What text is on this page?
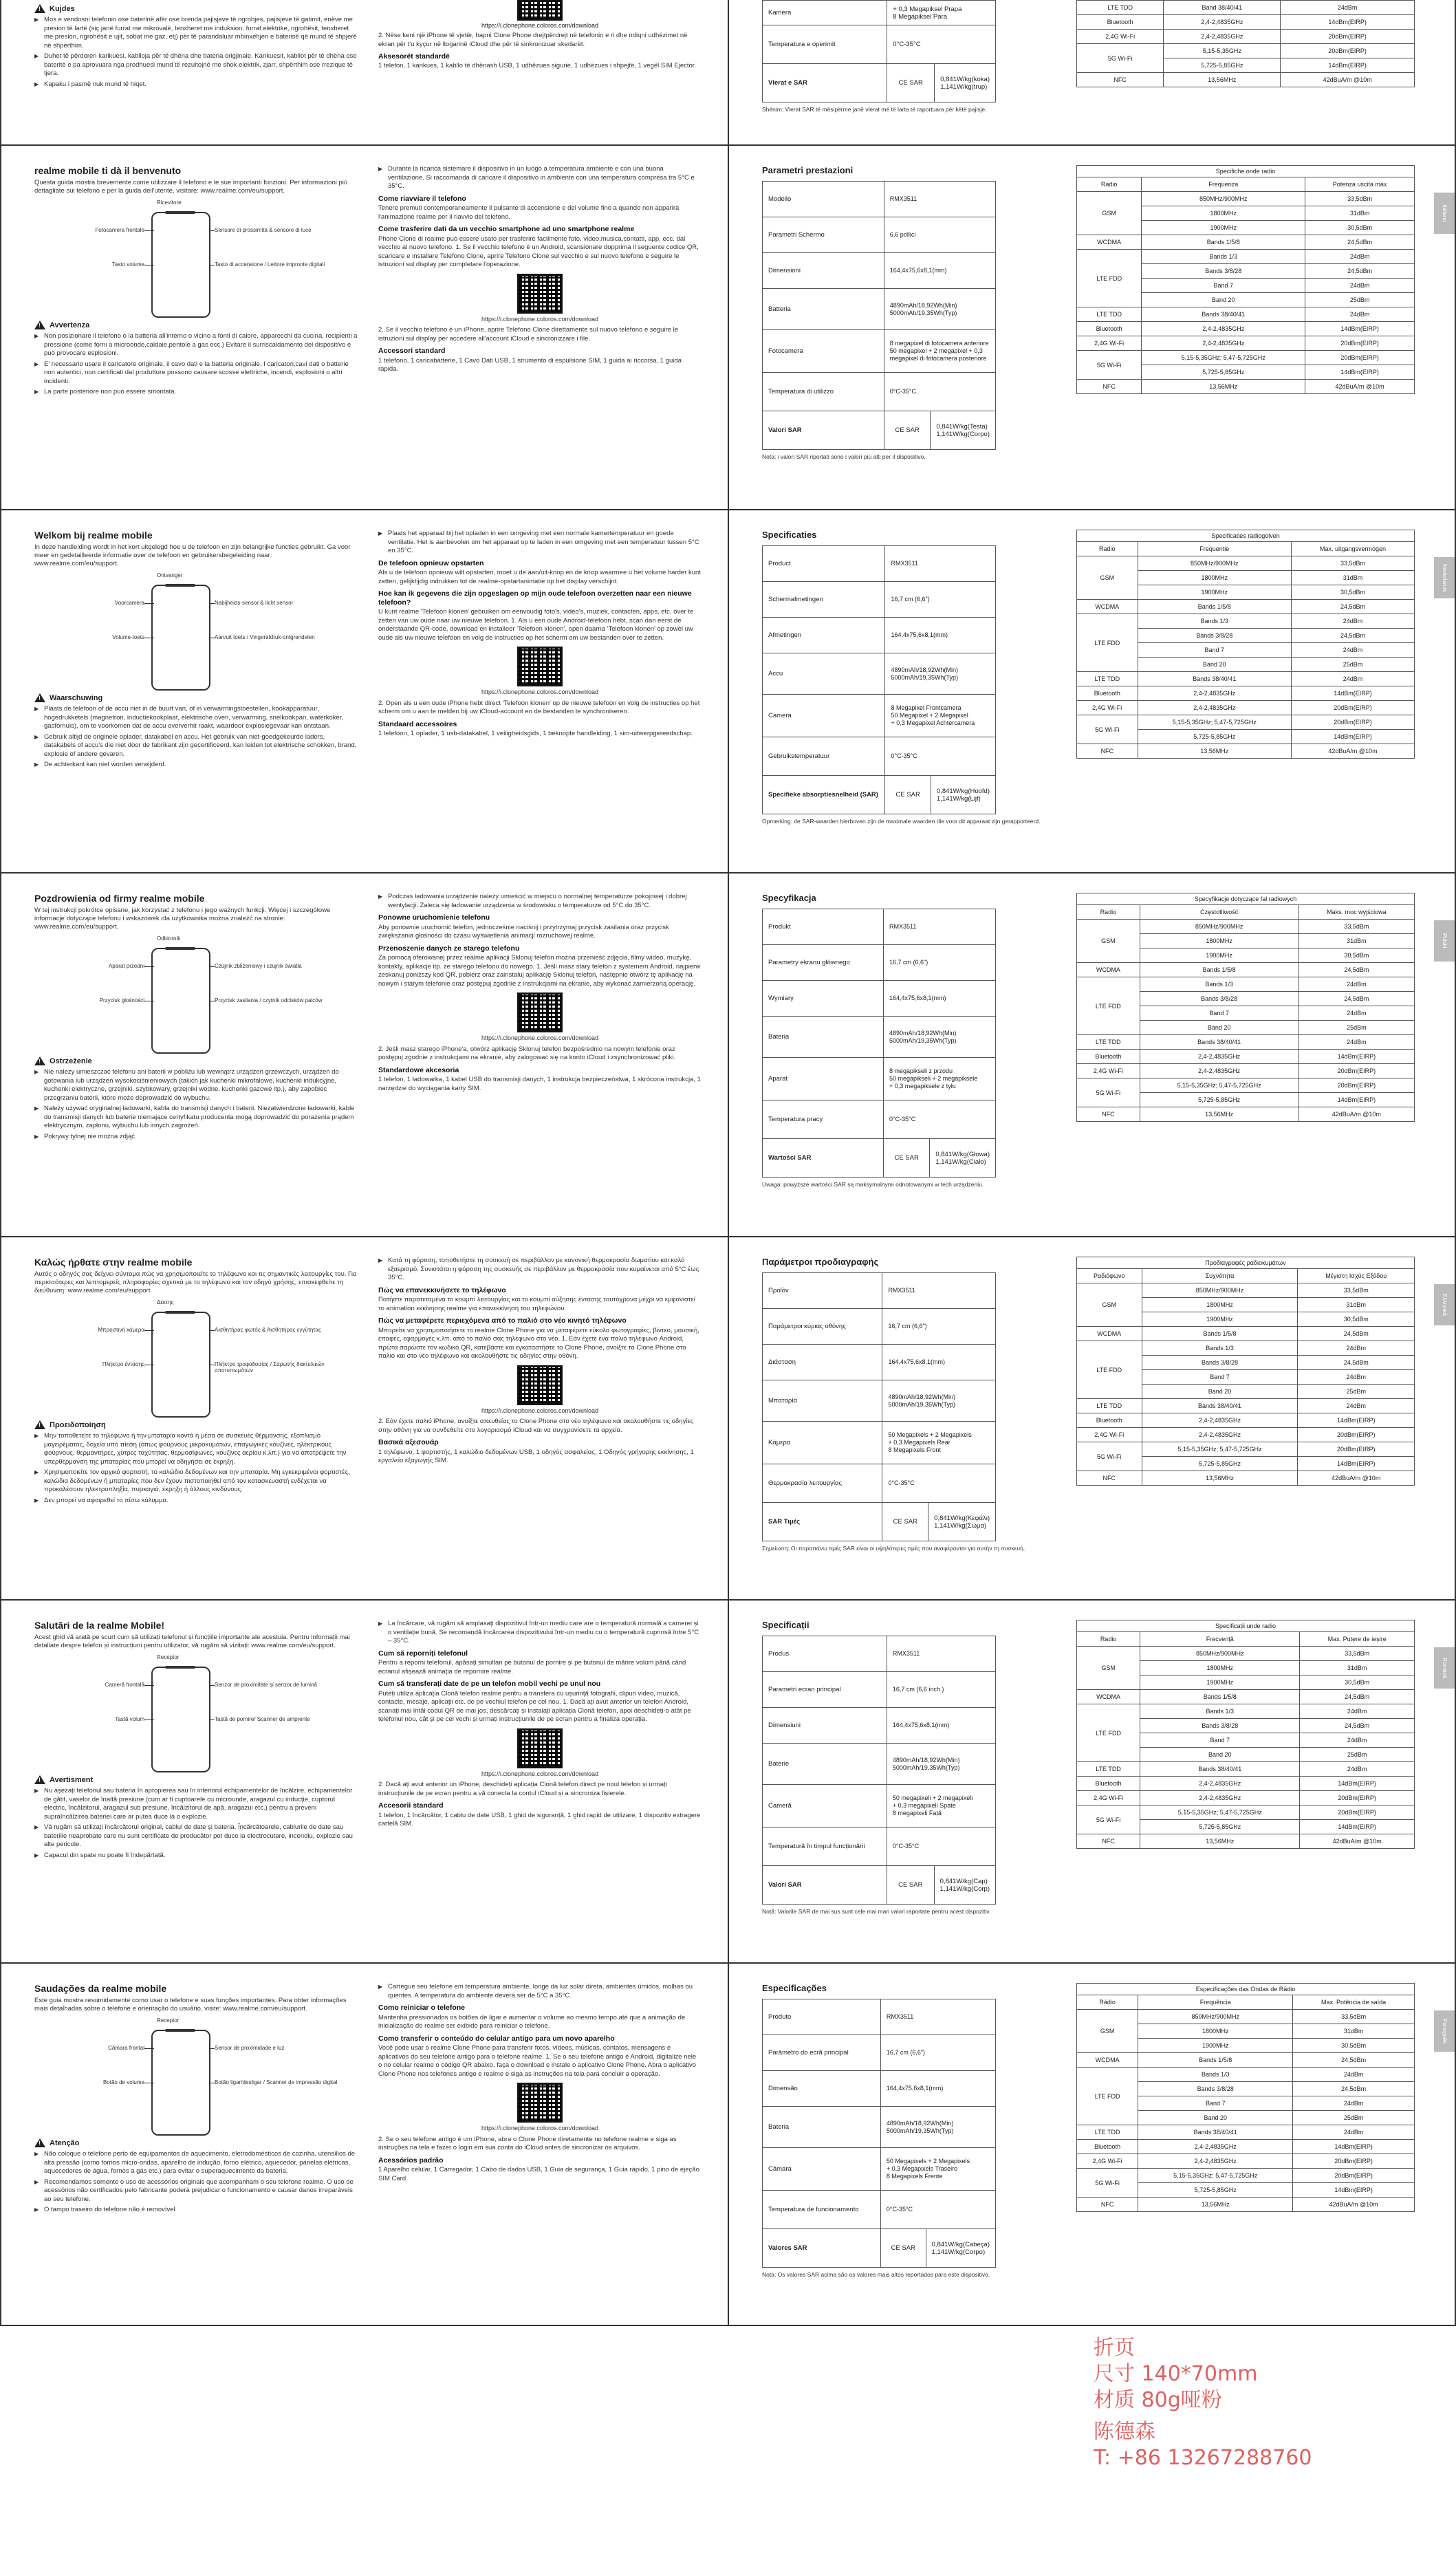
!
Kujdes
▶ Mos e vendosni telefonin ose baterinë afër ose brenda pajisjeve të ngrohjes, pajisjeve të gatimit, enëve me presion të lartë (siç janë furrat me mikrovalë, tenxheret me induksion, furrat elektrike, ngrohësit, tenxheret me presion, ngrohësit e ujit, sobat me gaz, etj) për të parandaluar mbinxehjen e baterisë që mund të shpjerë në shpërthim.
▶ Duhet të përdoren karikuesi, kablloja për të dhëna dhe bateria origjinale. Karikuesit, kabllot për të dhëna ose bateritë e pa aprovuara nga prodhuesi mund të rezultojnë me shok elektrik, zjarr, shpërthim ose rrezique të tjera.
▶ Kapaku i pasmë nuk mund të hiqet.
https://i.clonephone.coloros.com/download
2. Nëse keni një iPhone të vjetër, hapni Clone Phone drejtpërdrejt në telefonin e ri dhe ndiqni udhëzimet në ekran për t'u kyçur në llogarinë iCloud dhe për të sinkronizuar skedarët.
Aksesorët standardë
1 telefon, 1 karikues, 1 kabllo të dhënash USB, 1 udhëzues sigurie, 1 udhëzues i shpejtë, 1 vegël SIM Ejector.
Kamera	+ 0,3 Megapiksel Prapa
8 Megapiksel Para	
Temperatura e operimit	0°C-35°C	
Vlerat e SAR	CE SAR	0,841W/kg(koka)
1,141W/kg(trup)
Shënim: Vlerat SAR të mësipërme janë vlerat më të larta të raportuara për këtë pajisje.
LTE TDD	Band 38/40/41	24dBm
Bluetooth	2,4-2,4835GHz	14dBm(EIRP)
2,4G Wi-Fi	2,4-2,4835GHz	20dBm(EIRP)
5G Wi-Fi	5,15-5,35GHz	20dBm(EIRP)
	5,725-5,85GHz	14dBm(EIRP)
NFC	13,56MHz	42dBuA/m @10m
realme mobile ti dà il benvenuto
Questa guida mostra brevemente come utilizzare il telefono e le sue importanti funzioni. Per informazioni più dettagliate sul telefono e per la guida dell'utente, visitare: www.realme.com/eu/support.
Ricevitore
Fotocamera frontale	Sensore di prossimità & sensore di luce
Tasto volume	Tasto di accensione / Lettore impronte digitali
!
Avvertenza
▶ Non posizionare il telefono o la batteria all'interno o vicino a fonti di calore, apparecchi da cucina, recipienti a pressione (come forni a microonde,caldaie,pentole a gas ecc.) Evitare il surriscaldamento del dispositivo e può provocare esplosioni.
▶ E' necessario usare il caricatore originale, il cavo dati e la batteria originale. I caricatori,cavi dati o batterie non autentici, non certificati dal produttore possono causare scosse elettriche, incendi, esplosioni o altri incidenti.
▶ La parte posteriore non può essere smontata.
▶ Durante la ricarica sistemare il dispositivo in un luogo a temperatura ambiente e con una buona ventilazione. Si raccomanda di caricare il dispositivo in ambiente con una temperatura compresa tra 5°C e 35°C.
Come riavviare il telefono
Tenere premuti contemporaneamente il pulsante di accensione e del volume fino a quando non apparirà l'animazione realme per il riavvio del telefono.
Come trasferire dati da un vecchio smartphone ad uno smartphone realme
Phone Clone di realme può essere usato per trasferire facilmente foto, video,musica,contatti, app, ecc. dal vecchio al nuovo telefono. 1. Se il vecchio telefono è un Android, scansionare dopprima il seguente codice QR, scaricare e installare Telefono Clone, aprire Telefono Clone sul vecchio e sul nuovo telefono e seguire le istruzioni sul display per completare l'operazione.
https://i.clonephone.coloros.com/download
2. Se il vecchio telefono è un iPhone, aprire Telefono Clone direttamente sul nuovo telefono e seguire le istruzioni sul display per accedere all'account iCloud e sincronizzare i file.
Accessori standard
1 telefono, 1 caricabatterie, 1 Cavo Dati USB, 1 strumento di espulsione SIM, 1 guida ai riccorsa, 1 guida rapida.
Parametri prestazioni
Modello	RMX3511	
Parametri Schermo	6,6 pollici	
Dimensioni	164,4x75,6x8,1(mm)	
Batteria	4890mAh/18,92Wh(Min)
5000mAh/19,35Wh(Typ)	
Fotocamera	8 megapixel di fotocamera anteriore
50 megapixel + 2 megapixel + 0,3 megapixel di fotocamera posteriore	
Temperatura di utilizzo	0°C-35°C	
Valori SAR	CE SAR	0,841W/kg(Testa)
1,141W/kg(Corpo)
Nota: i valori SAR riportati sono i valori più alti per il dispositivo.
Specifiche onde radio		
Radio	Frequenza	Potenza uscita max
GSM	850MHz/900MHz	33,5dBm
	1800MHz	31dBm
	1900MHz	30,5dBm
WCDMA	Bands 1/5/8	24,5dBm
LTE FDD	Bands 1/3	24dBm
	Bands 3/8/28	24,5dBm
	Band 7	24dBm
	Band 20	25dBm
LTE TDD	Bands 38/40/41	24dBm
Bluetooth	2,4-2,4835GHz	14dBm(EIRP)
2,4G Wi-Fi	2,4-2,4835GHz	20dBm(EIRP)
5G Wi-Fi	5,15-5,35GHz; 5,47-5,725GHz	20dBm(EIRP)
	5,725-5,85GHz	14dBm(EIRP)
NFC	13,56MHz	42dBuA/m @10m
Italiano
Welkom bij realme mobile
In deze handleiding wordt in het kort uitgelegd hoe u de telefoon en zijn belangrijke functies gebruikt. Ga voor meer en gedetailleerde informatie over de telefoon en gebruikersbegeleiding naar: www.realme.com/eu/support.
Ontvanger
Voorcamera	Nabijheids-sensor & licht sensor
Volume-toets	Aan/uit toets / Vingerafdruk-ontgrendelen
!
Waarschuwing
▶ Plaats de telefoon of de accu niet in de buurt van, of in verwarmingstoestellen, kookapparatuur, hogedrukketels (magnetron, inductiekookplaat, elektrische oven, verwarming, snelkookpan, waterkoker, gasfornuis), om te voorkomen dat de accu oververhit raakt, waardoor explosiegevaar kan ontstaan.
▶ Gebruik altijd de originele oplader, datakabel en accu. Het gebruik van niet-goedgekeurde laders, datakabels of accu's die niet door de fabrikant zijn gecertificeerd, kan leiden tot elektrische schokken, brand, explosie of andere gevaren.
▶ De achterkant kan niet worden verwijderd.
▶ Plaats het apparaat bij het opladen in een omgeving met een normale kamertemperatuur en goede ventilatie. Het is aanbevolen om het apparaat op te laden in een omgeving met een temperatuur tussen 5°C en 35°C.
De telefoon opnieuw opstarten
Als u de telefoon opnieuw wilt opstarten, moet u de aan/uit-knop en de knop waarmee u het volume harder kunt zetten, gelijktijdig indrukken tot de realme-opstartanimatie op het display verschijnt.
Hoe kan ik gegevens die zijn opgeslagen op mijn oude telefoon overzetten naar een nieuwe telefoon?
U kunt realme 'Telefoon klonen' gebruiken om eenvoudig foto's, video's, muziek, contacten, apps, etc. over te zetten van uw oude naar uw nieuwe telefoon. 1. Als u een oude Android-telefoon hebt, scan dan eerst de onderstaande QR-code, download en installeer 'Telefoon klonen', open daarna 'Telefoon klonen' op zowel uw oude als uw nieuwe telefoon en volg de instructies op het scherm om uw bestanden over te zetten.
https://i.clonephone.coloros.com/download
2. Open als u een oude iPhone hebt direct 'Telefoon klonen' op de nieuwe telefoon en volg de instructies op het scherm om u aan te melden bij uw iCloud-account en de bestanden te synchroniseren.
Standaard accessoires
1 telefoon, 1 oplader, 1 usb-datakabel, 1 veiligheidsgids, 1 beknopte handleiding, 1 sim-uitwerpgereedschap.
Specificaties
Product	RMX3511	
Schermafmetingen	16,7 cm (6,6")	
Afmetingen	164,4x75,6x8,1(mm)	
Accu	4890mAh/18,92Wh(Min)
5000mAh/19,35Wh(Typ)	
Camera	8 Megapixel Frontcamera
50 Megapixel + 2 Megapixel
+ 0,3 Megapixel Achtercamera	
Gebruikstemperatuur	0°C-35°C	
Specifieke absorptiesnelheid (SAR)	CE SAR	0,841W/kg(Hoofd)
1,141W/kg(Lijf)
Opmerking: de SAR-waarden hierboven zijn de maximale waarden die voor dit apparaat zijn gerapporteerd.
Specificaties radiogolven		
Radio	Frequentie	Max. uitgangsvermogen
GSM	850MHz/900MHz	33,5dBm
	1800MHz	31dBm
	1900MHz	30,5dBm
WCDMA	Bands 1/5/8	24,5dBm
LTE FDD	Bands 1/3	24dBm
	Bands 3/8/28	24,5dBm
	Band 7	24dBm
	Band 20	25dBm
LTE TDD	Bands 38/40/41	24dBm
Bluetooth	2,4-2,4835GHz	14dBm(EIRP)
2,4G Wi-Fi	2,4-2,4835GHz	20dBm(EIRP)
5G Wi-Fi	5,15-5,35GHz; 5,47-5,725GHz	20dBm(EIRP)
	5,725-5,85GHz	14dBm(EIRP)
NFC	13,56MHz	42dBuA/m @10m
Nederlands
Pozdrowienia od firmy realme mobile
W tej instrukcji pokrótce opisane, jak korzystać z telefonu i jego ważnych funkcji. Więcej i szczegółowe informacje dotyczące telefonu i wskazówek dla użytkownika można znaleźć na stronie: www.realme.com/eu/support.
Odbiornik
Aparat przedni	Czujnik zbliżeniowy i czujnik światła
Przycisk głośności	Przycisk zasilania / czytnik odcisków palców
!
Ostrzeżenie
▶ Nie należy umieszczać telefonu ani baterii w pobliżu lub wewnątrz urządzeń grzewczych, urządzeń do gotowania lub urządzeń wysokociśnieniowych (takich jak kuchenki mikrofalowe, kuchenki indukcyjne, kuchenki elektryczne, grzejniki, szybkowary, grzejniki wodne, kuchenki gazowe itp.), aby zapobiec przegrzaniu baterii, które może doprowadzić do wybuchu.
▶ Należy używać oryginalnej ładowarki, kabla do transmisji danych i baterii. Niezatwierdzone ładowarki, kable do transmisji danych lub baterie niemające certyfikatu producenta mogą doprowadzić do porażenia prądem elektrycznym, zapłonu, wybuchu lub innych zagrożeń.
▶ Pokrywy tylnej nie można zdjąć.
▶ Podczas ładowania urządzenie należy umieścić w miejscu o normalnej temperaturze pokojowej i dobrej wentylacji. Zaleca się ładowanie urządzenia w środowisku o temperaturze od 5°C do 35°C.
Ponowne uruchomienie telefonu
Aby ponownie uruchomić telefon, jednocześnie naciśnij i przytrzymaj przycisk zasilania oraz przycisk zwiększania głośności do czasu wyświetlenia animacji rozruchowej realme.
Przenoszenie danych ze starego telefonu
Za pomocą oferowanej przez realme aplikacji Sklonuj telefon można przenieść zdjęcia, filmy wideo, muzykę, kontakty, aplikacje itp. ze starego telefonu do nowego. 1. Jeśli masz stary telefon z systemem Android, najpierw zeskanuj poniższy kod QR, pobierz oraz zainstaluj aplikację Sklonuj telefon, następnie otwórz tę aplikację na nowym i starym telefonie oraz postępuj zgodnie z instrukcjami na ekranie, aby wykonać zamierzoną operację.
https://i.clonephone.coloros.com/download
2. Jeśli masz starego iPhone'a, otwórz aplikację Sklonuj telefon bezpośrednio na nowym telefonie oraz postępuj zgodnie z instrukcjami na ekranie, aby zalogować się na konto iCloud i zsynchronizować pliki.
Standardowe akcesoria
1 telefon, 1 ładowarka, 1 kabel USB do transmisji danych, 1 instrukcja bezpieczeństwa, 1 skrócona instrukcja, 1 narzędzie do wyciągania karty SIM.
Specyfikacja
Produkt	RMX3511	
Parametry ekranu głównego	16,7 cm (6,6")	
Wymiary	164,4x75,6x8,1(mm)	
Bateria	4890mAh/18,92Wh(Min)
5000mAh/19,35Wh(Typ)	
Aparat	8 megapikseli z przodu
50 megapikseli + 2 megapiksele
+ 0,3 megapiksele z tyłu	
Temperatura pracy	0°C-35°C	
Wartości SAR	CE SAR	0,841W/kg(Głowa)
1,141W/kg(Ciało)
Uwaga: powyższe wartości SAR są maksymalnymi odnotowanymi w tech urządzeniu.
Specyfikacje dotyczące fal radiowych		
Radio	Częstotliwość	Maks. moc wyjściowa
GSM	850MHz/900MHz	33,5dBm
	1800MHz	31dBm
	1900MHz	30,5dBm
WCDMA	Bands 1/5/8	24,5dBm
LTE FDD	Bands 1/3	24dBm
	Bands 3/8/28	24,5dBm
	Band 7	24dBm
	Band 20	25dBm
LTE TDD	Bands 38/40/41	24dBm
Bluetooth	2,4-2,4835GHz	14dBm(EIRP)
2,4G Wi-Fi	2,4-2,4835GHz	20dBm(EIRP)
5G Wi-Fi	5,15-5,35GHz; 5,47-5,725GHz	20dBm(EIRP)
	5,725-5,85GHz	14dBm(EIRP)
NFC	13,56MHz	42dBuA/m @10m
Polski
Καλώς ήρθατε στην realme mobile
Αυτός ο οδηγός σας δείχνει σύντομα πώς να χρησιμοποιείτε το τηλέφωνο και τις σημαντικές λειτουργίες του. Για περισσότερες και λεπτομερείς πληροφορίες σχετικά με το τηλέφωνο και τον οδηγό χρήσης, επισκεφθείτε τη διεύθυνση: www.realme.com/eu/support.
Δέκτης
Μπροστινή κάμερα	Αισθητήρας φωτός & Αισθητήρας εγγύτητας
Πλήκτρο έντασης	Πλήκτρο τροφοδοσίας / Σαρωτής δακτυλικών αποτυπωμάτων
!
Προειδοποίηση
▶ Μην τοποθετείτε το τηλέφωνο ή την μπαταρία κοντά ή μέσα σε συσκευές θέρμανσης, εξοπλισμό μαγειρέματος, δοχεία υπό πίεση (όπως φούρνους μικροκυμάτων, επαγωγικές κουζίνες, ηλεκτρικούς φούρνους, θερμαντήρες, χύτρες ταχύτητας, θερμοσίφωνες, κουζίνες αερίου κ.λπ.) για να αποτρέψετε την υπερθέρμανση της μπαταρίας που μπορεί να οδηγήσει σε έκρηξη.
▶ Χρησιμοποιείτε τον αρχικό φορτιστή, το καλώδιο δεδομένων και την μπαταρία. Μη εγκεκριμένοι φορτιστές, καλώδια δεδομένων ή μπαταρίες που δεν έχουν πιστοποιηθεί από τον κατασκευαστή ενδέχεται να προκαλέσουν ηλεκτροπληξία, πυρκαγιά, έκρηξη ή άλλους κινδύνους.
▶ Δεν μπορεί να αφαιρεθεί το πίσω κάλυμμα.
▶ Κατά τη φόρτιση, τοποθετήστε τη συσκευή σε περιβάλλον με κανονική θερμοκρασία δωματίου και καλό εξαερισμό. Συνιστάται η φόρτιση της συσκευής σε περιβάλλον με θερμοκρασία που κυμαίνεται από 5°C έως 35°C.
Πώς να επανεκκινήσετε το τηλέφωνο
Πατήστε παρατεταμένα το κουμπί λειτουργίας και το κουμπί αύξησης έντασης ταυτόχρονα μέχρι να εμφανιστεί το animation εκκίνησης realme για επανεκκίνηση του τηλεφώνου.
Πώς να μεταφέρετε περιεχόμενα από το παλιό στο νέο κινητό τηλέφωνο
Μπορείτε να χρησιμοποιήσετε το realme Clone Phone για να μεταφέρετε εύκολα φωτογραφίες, βίντεο, μουσική, επαφές, εφαρμογές κ.λπ. από το παλιό σας τηλέφωνο στο νέο. 1. Εάν έχετε ένα παλιό τηλέφωνο Android, πρώτα σαρώστε τον κωδικό QR, κατεβάστε και εγκαταστήστε το Clone Phone, ανοίξτε το Clone Phone στο παλιό και στο νέο τηλέφωνο και ακολουθήστε τις οδηγίες στην οθόνη.
https://i.clonephone.coloros.com/download
2. Εάν έχετε παλιό iPhone, ανοίξτε απευθείας το Clone Phone στο νέο τηλέφωνο και ακολουθήστε τις οδηγίες στην οθόνη για να συνδεθείτε στο λογαριασμό iCloud και να συγχρονίσετε τα αρχεία.
Βασικά αξεσουάρ
1 τηλέφωνο, 1 φορτιστής, 1 καλώδιο δεδομένων USB, 1 οδηγός ασφαλείας, 1 Οδηγός γρήγορης εκκίνησης, 1 εργαλείο εξαγωγής SIM.
Παράμετροι προδιαγραφής
Προϊόν	RMX3511	
Παράμετροι κύριας οθόνης	16,7 cm (6,6")	
Διάσταση	164,4x75,6x8,1(mm)	
Μπαταρία	4890mAh/18,92Wh(Min)
5000mAh/19,35Wh(Typ)	
Κάμερα	50 Megapixels + 2 Megapixels
+ 0,3 Megapixels Rear
8 Megapixels Front	
Θερμοκρασία λειτουργίας	0°C-35°C	
SAR Τιμές	CE SAR	0,841W/kg(Κεφάλι)
1,141W/kg(Σώμα)
Σημείωση: Οι παραπάνω τιμές SAR είναι οι υψηλότερες τιμές που αναφέρονται για αυτήν τη συσκευή.
Προδιαγραφές ραδιοκυμάτων		
Ραδιόφωνο	Συχνότητα	Μέγιστη Ισχύς Εξόδου
GSM	850MHz/900MHz	33,5dBm
	1800MHz	31dBm
	1900MHz	30,5dBm
WCDMA	Bands 1/5/8	24,5dBm
LTE FDD	Bands 1/3	24dBm
	Bands 3/8/28	24,5dBm
	Band 7	24dBm
	Band 20	25dBm
LTE TDD	Bands 38/40/41	24dBm
Bluetooth	2,4-2,4835GHz	14dBm(EIRP)
2,4G Wi-Fi	2,4-2,4835GHz	20dBm(EIRP)
5G Wi-Fi	5,15-5,35GHz; 5,47-5,725GHz	20dBm(EIRP)
	5,725-5,85GHz	14dBm(EIRP)
NFC	13,56MHz	42dBuA/m @10m
Ελληνικά
Salutări de la realme Mobile!
Acest ghid vă arată pe scurt cum să utilizați telefonul și funcțiile importante ale acestuia. Pentru informații mai detaliate despre telefon și instrucțiuni pentru utilizator, vă rugăm să vizitați: www.realme.com/eu/support.
Receptor
Cameră frontală	Senzor de proximitate și senzor de lumină
Tastă volum	Tastă de pornire/ Scanner de amprente
!
Avertisment
▶ Nu așezați telefonul sau bateria în apropierea sau în interiorul echipamentelor de încălzire, echipamentelor de gătit, vaselor de înaltă presiune (cum ar fi cuptoarele cu microunde, aragazul cu inducție, cuptorul electric, încălzitorul, aragazul sub presiune, încălzitorul de apă, aragazul etc.) pentru a preveni supraîncălzirea bateriei care ar putea duce la o explozie.
▶ Vă rugăm să utilizați încărcătorul original, cablul de date și bateria. Încărcătoarele, cablurile de date sau bateriile neaprobate care nu sunt certificate de producător pot duce la electrocutare, incendiu, explozie sau alte pericole.
▶ Capacul din spate nu poate fi îndepărtată.
▶ La încărcare, vă rugăm să amplasați dispozitivul într-un mediu care are o temperatură normală a camerei și o ventilație bună. Se recomandă încărcarea dispozitivului într-un mediu cu o temperatură cuprinsă între 5°C – 35°C.
Cum să reporniți telefonul
Pentru a reporni telefonul, apăsați simultan pe butonul de pornire și pe butonul de mărire volum până când ecranul afișează animația de repornire realme.
Cum să transferați date de pe un telefon mobil vechi pe unul nou
Puteți utiliza aplicația Clonă telefon realme pentru a transfera cu ușurință fotografii, clipuri video, muzică, contacte, mesaje, aplicații etc. de pe vechiul telefon pe cel nou. 1. Dacă ați avut anterior un telefon Android, scanați mai întâi codul QR de mai jos, descărcați și instalați aplicația Clonă telefon, apoi deschideți-o atât pe telefonul nou, cât și pe cel vechi și urmați instrucțiunile de pe ecran pentru a finaliza operația.
https://i.clonephone.coloros.com/download
2. Dacă ați avut anterior un iPhone, deschideți aplicația Clonă telefon direct pe noul telefon și urmați instrucțiunile de pe ecran pentru a vă conecta la contul iCloud și a sincroniza fișierele.
Accesorii standard
1 telefon, 1 încărcător, 1 cablu de date USB, 1 ghid de siguranță, 1 ghid rapid de utilizare, 1 dispozitiv extragere cartelă SIM.
Specificații
Produs	RMX3511	
Parametri ecran principal	16,7 cm (6,6 inch.)	
Dimensiuni	164,4x75,6x8,1(mm)	
Baterie	4890mAh/18,92Wh(Min)
5000mAh/19,35Wh(Typ)	
Cameră	50 megapixeli + 2 megapixeli
+ 0,3 megapixeli Spate
8 megapixeli Față	
Temperatură în timpul funcționării	0°C-35°C	
Valori SAR	CE SAR	0,841W/kg(Cap)
1,141W/kg(Corp)
Notă: Valorile SAR de mai sus sunt cele mai mari valori raportate pentru acest dispozitiv.
Specificații unde radio		
Radio	Frecvență	Max. Putere de ieșire
GSM	850MHz/900MHz	33,5dBm
	1800MHz	31dBm
	1900MHz	30,5dBm
WCDMA	Bands 1/5/8	24,5dBm
LTE FDD	Bands 1/3	24dBm
	Bands 3/8/28	24,5dBm
	Band 7	24dBm
	Band 20	25dBm
LTE TDD	Bands 38/40/41	24dBm
Bluetooth	2,4-2,4835GHz	14dBm(EIRP)
2,4G Wi-Fi	2,4-2,4835GHz	20dBm(EIRP)
5G Wi-Fi	5,15-5,35GHz; 5,47-5,725GHz	20dBm(EIRP)
	5,725-5,85GHz	14dBm(EIRP)
NFC	13,56MHz	42dBuA/m @10m
Română
Saudações da realme mobile
Este guia mostra resumidamente como usar o telefone e suas funções importantes. Para obter informações mais detalhadas sobre o telefone e orientação do usuário, visite: www.realme.com/eu/support.
Receptor
Câmara frontal	Sensor de proximidade e luz
Botão de volume	Botão ligar/desligar / Scanner de impressão digital
!
Atenção
▶ Não coloque o telefone perto de equipamentos de aquecimento, eletrodomésticos de cozinha, utensílios de alta pressão (como fornos micro-ondas, aparelho de indução, forno elétrico, aquecedor, panelas elétricas, aquecedores de água, fornos a gás etc.) para evitar o superaquecimento da bateria.
▶ Recomendamos somente o uso de acessórios originais que acompanham o seu telefone realme. O uso de acessórios não certificados pelo fabricante poderá prejudicar o funcionamento e causar danos irreparáveis ao seu telefone.
▶ O tampo traseiro do telefone não é removível
▶ Carregue seu telefone em temperatura ambiente, longe da luz solar direta, ambientes úmidos, molhas ou quentes. A temperatura do ambiente deverá ser de 5°C a 35°C.
Como reiniciar o telefone
Mantenha pressionados os botões de ligar e aumentar o volume ao mesmo tempo até que a animação de inicialização do realme ser exibido para reiniciar o telefone.
Como transferir o conteúdo do celular antigo para um novo aparelho
Você pode usar o realme Clone Phone para transferir fotos, vídeos, músicas, contatos, mensagens e aplicativos do seu telefone antigo para o telefone realme. 1. Se o seu telefone antigo é Android, digitalize nele o no celular realme o código QR abaixo, faça o download e instale o aplicativo Clone Phone. Abra o aplicativo Clone Phone nos telefones antigo e realme e siga as instruções na tela para concluir a operação.
https://i.clonephone.coloros.com/download
2. Se o seu telefone antigo é um iPhone, abra o Clone Phone diretamente no telefone realme e siga as instruções na tela e fazer o login em sua conta do iCloud antes de sincronizar os arquivos.
Acessórios padrão
1 Aparelho celular, 1 Carregador, 1 Cabo de dados USB, 1 Guia de segurança, 1 Guia rápido, 1 pino de ejeção SIM Card.
Especificações
Produto	RMX3511	
Parâmetro do ecrã principal	16,7 cm (6,6")	
Dimensão	164,4x75,6x8,1(mm)	
Bateria	4890mAh/18,92Wh(Min)
5000mAh/19,35Wh(Typ)	
Câmara	50 Megapixels + 2 Megapixels
+ 0,3 Megapixels Traseiro
8 Megapixels Frente	
Temperatura de funcionamento	0°C-35°C	
Valores SAR	CE SAR	0,841W/kg(Cabeça)
1,141W/kg(Corpo)
Nota: Os valores SAR acima são os valores mais altos reportados para este dispositivo.
Especificações das Ondas de Rádio		
Rádio	Frequência	Max. Potência de saída
GSM	850MHz/900MHz	33,5dBm
	1800MHz	31dBm
	1900MHz	30,5dBm
WCDMA	Bands 1/5/8	24,5dBm
LTE FDD	Bands 1/3	24dBm
	Bands 3/8/28	24,5dBm
	Band 7	24dBm
	Band 20	25dBm
LTE TDD	Bands 38/40/41	24dBm
Bluetooth	2,4-2,4835GHz	14dBm(EIRP)
2,4G Wi-Fi	2,4-2,4835GHz	20dBm(EIRP)
5G Wi-Fi	5,15-5,35GHz; 5,47-5,725GHz	20dBm(EIRP)
	5,725-5,85GHz	14dBm(EIRP)
NFC	13,56MHz	42dBuA/m @10m
Português
折页
尺寸 140*70mm
材质 80g哑粉
陈德森
T: +86 13267288760
